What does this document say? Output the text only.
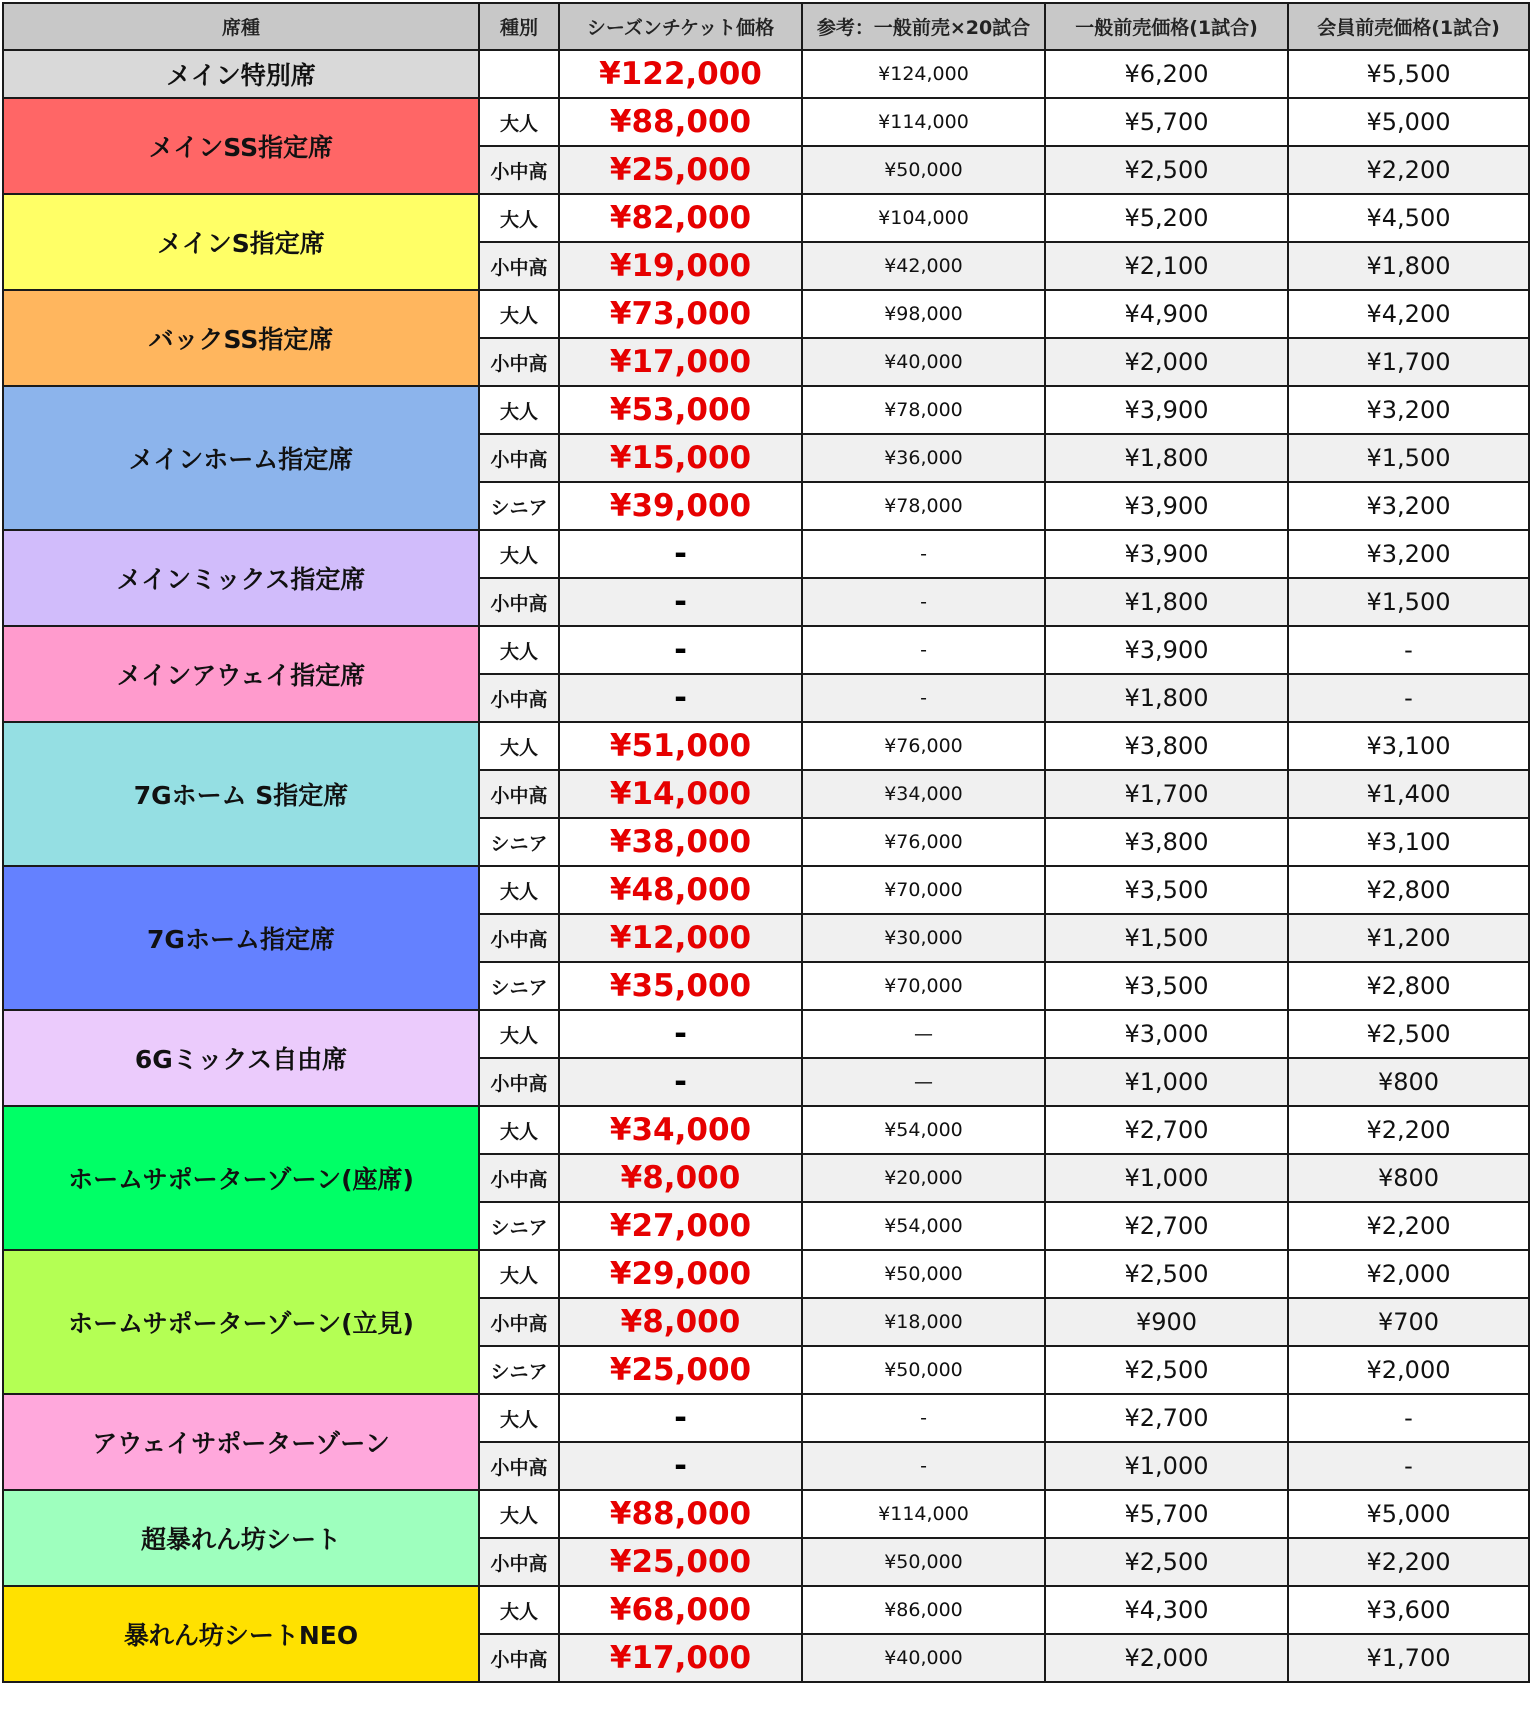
席種	種別	シーズンチケット価格	参考：一般前売×20試合	一般前売価格(1試合)	会員前売価格(1試合)
メイン特別席		¥122,000	¥124,000	¥6,200	¥5,500
メインSS指定席	大人	¥88,000	¥114,000	¥5,700	¥5,000
	小中高	¥25,000	¥50,000	¥2,500	¥2,200
メインS指定席	大人	¥82,000	¥104,000	¥5,200	¥4,500
	小中高	¥19,000	¥42,000	¥2,100	¥1,800
バックSS指定席	大人	¥73,000	¥98,000	¥4,900	¥4,200
	小中高	¥17,000	¥40,000	¥2,000	¥1,700
メインホーム指定席	大人	¥53,000	¥78,000	¥3,900	¥3,200
	小中高	¥15,000	¥36,000	¥1,800	¥1,500
	シニア	¥39,000	¥78,000	¥3,900	¥3,200
メインミックス指定席	大人	-	-	¥3,900	¥3,200
	小中高	-	-	¥1,800	¥1,500
メインアウェイ指定席	大人	-	-	¥3,900	-
	小中高	-	-	¥1,800	-
7Gホーム S指定席	大人	¥51,000	¥76,000	¥3,800	¥3,100
	小中高	¥14,000	¥34,000	¥1,700	¥1,400
	シニア	¥38,000	¥76,000	¥3,800	¥3,100
7Gホーム指定席	大人	¥48,000	¥70,000	¥3,500	¥2,800
	小中高	¥12,000	¥30,000	¥1,500	¥1,200
	シニア	¥35,000	¥70,000	¥3,500	¥2,800
6Gミックス自由席	大人	-	—	¥3,000	¥2,500
	小中高	-	—	¥1,000	¥800
ホームサポーターゾーン(座席)	大人	¥34,000	¥54,000	¥2,700	¥2,200
	小中高	¥8,000	¥20,000	¥1,000	¥800
	シニア	¥27,000	¥54,000	¥2,700	¥2,200
ホームサポーターゾーン(立見)	大人	¥29,000	¥50,000	¥2,500	¥2,000
	小中高	¥8,000	¥18,000	¥900	¥700
	シニア	¥25,000	¥50,000	¥2,500	¥2,000
アウェイサポーターゾーン	大人	-	-	¥2,700	-
	小中高	-	-	¥1,000	-
超暴れん坊シート	大人	¥88,000	¥114,000	¥5,700	¥5,000
	小中高	¥25,000	¥50,000	¥2,500	¥2,200
暴れん坊シートNEO	大人	¥68,000	¥86,000	¥4,300	¥3,600
	小中高	¥17,000	¥40,000	¥2,000	¥1,700
